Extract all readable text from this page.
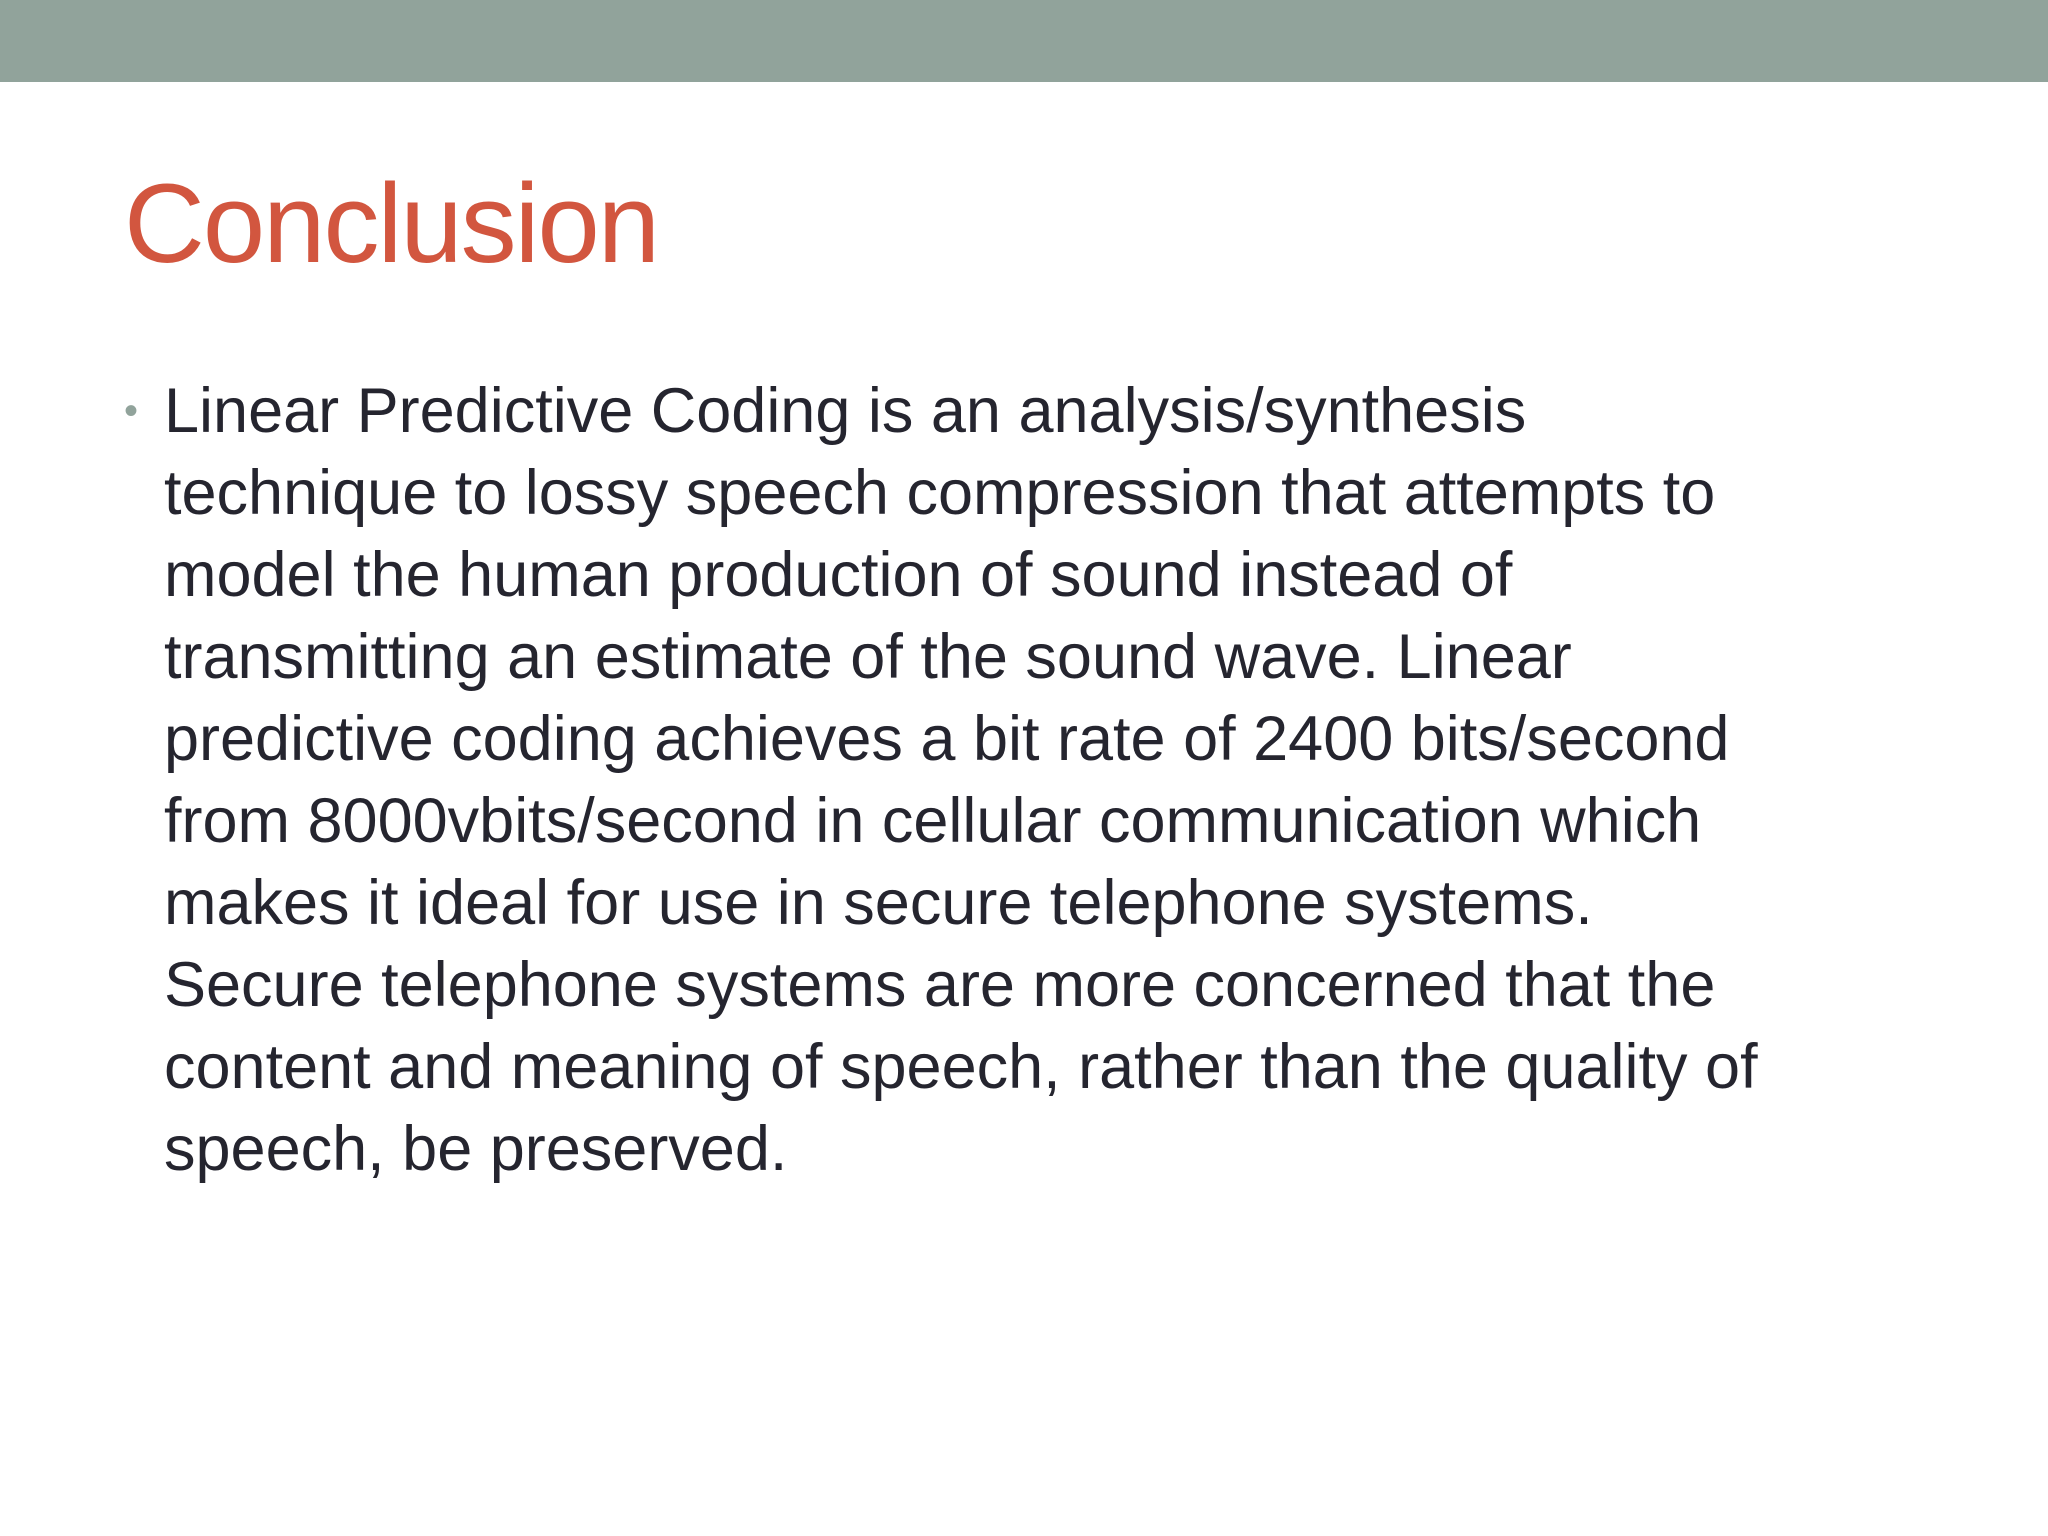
Conclusion
• Linear Predictive Coding is an analysis/synthesis
technique to lossy speech compression that attempts to
model the human production of sound instead of
transmitting an estimate of the sound wave. Linear
predictive coding achieves a bit rate of 2400 bits/second
from 8000vbits/second in cellular communication which
makes it ideal for use in secure telephone systems.
Secure telephone systems are more concerned that the
content and meaning of speech, rather than the quality of
speech, be preserved.
